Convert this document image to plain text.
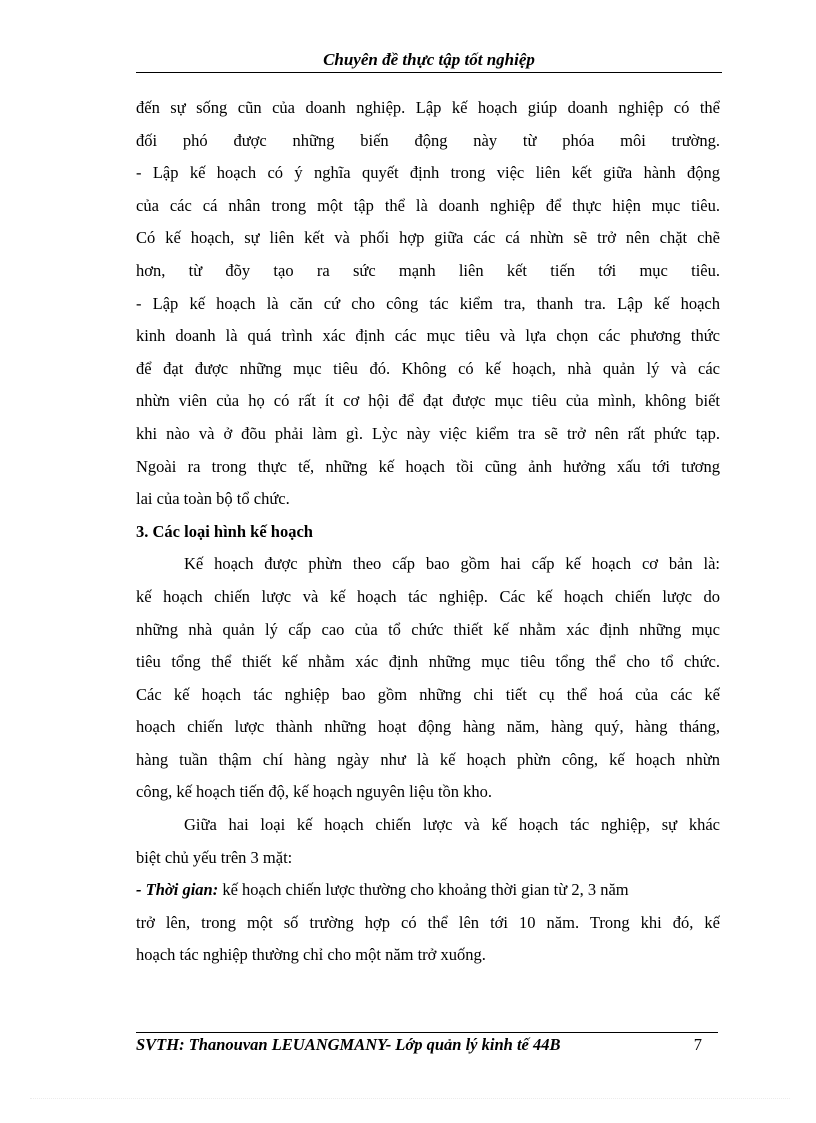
Chuyên đề thực tập tốt nghiệp
đến sự sống cũn của doanh nghiệp. Lập kế hoạch giúp doanh nghiệp có thể
đối phó được những biến động này từ phóa môi trường.
- Lập kế hoạch có ý nghĩa quyết định trong việc liên kết giữa hành động
của các cá nhân trong một tập thể là doanh nghiệp để thực hiện mục tiêu.
Có kế hoạch, sự liên kết và phối hợp giữa các cá nhừn sẽ trở nên chặt chẽ
hơn, từ đõy tạo ra sức mạnh liên kết tiến tới mục tiêu.
- Lập kế hoạch là căn cứ cho công tác kiểm tra, thanh tra. Lập kế hoạch
kinh doanh là quá trình xác định các mục tiêu và lựa chọn các phương thức
để đạt được những mục tiêu đó. Không có kế hoạch, nhà quản lý và các
nhừn viên của họ có rất ít cơ hội để đạt được mục tiêu của mình, không biết
khi nào và ở đõu phải làm gì. Lỳc này việc kiểm tra sẽ trở nên rất phức tạp.
Ngoài ra trong thực tế, những kế hoạch tồi cũng ảnh hưởng xấu tới tương
lai của toàn bộ tổ chức.
3. Các loại hình kế hoạch
Kế hoạch được phừn theo cấp bao gồm hai cấp kế hoạch cơ bản là:
kế hoạch chiến lược và kế hoạch tác nghiệp. Các kế hoạch chiến lược do
những nhà quản lý cấp cao của tổ chức thiết kế nhằm xác định những mục
tiêu tổng thể thiết kế nhằm xác định những mục tiêu tổng thể cho tổ chức.
Các kế hoạch tác nghiệp bao gồm những chi tiết cụ thể hoá của các kế
hoạch chiến lược thành những hoạt động hàng năm, hàng quý, hàng tháng,
hàng tuần thậm chí hàng ngày như là kế hoạch phừn công, kế hoạch nhừn
công, kế hoạch tiến độ, kế hoạch nguyên liệu tồn kho.
Giữa hai loại kế hoạch chiến lược và kế hoạch tác nghiệp, sự khác
biệt chủ yếu trên 3 mặt:
- Thời gian: kế hoạch chiến lược thường cho khoảng thời gian từ 2, 3 năm
trở lên, trong một số trường hợp có thể lên tới 10 năm. Trong khi đó, kế
hoạch tác nghiệp thường chỉ cho một năm trở xuống.
SVTH: Thanouvan LEUANGMANY- Lớp quản lý kinh tế 44B	7
